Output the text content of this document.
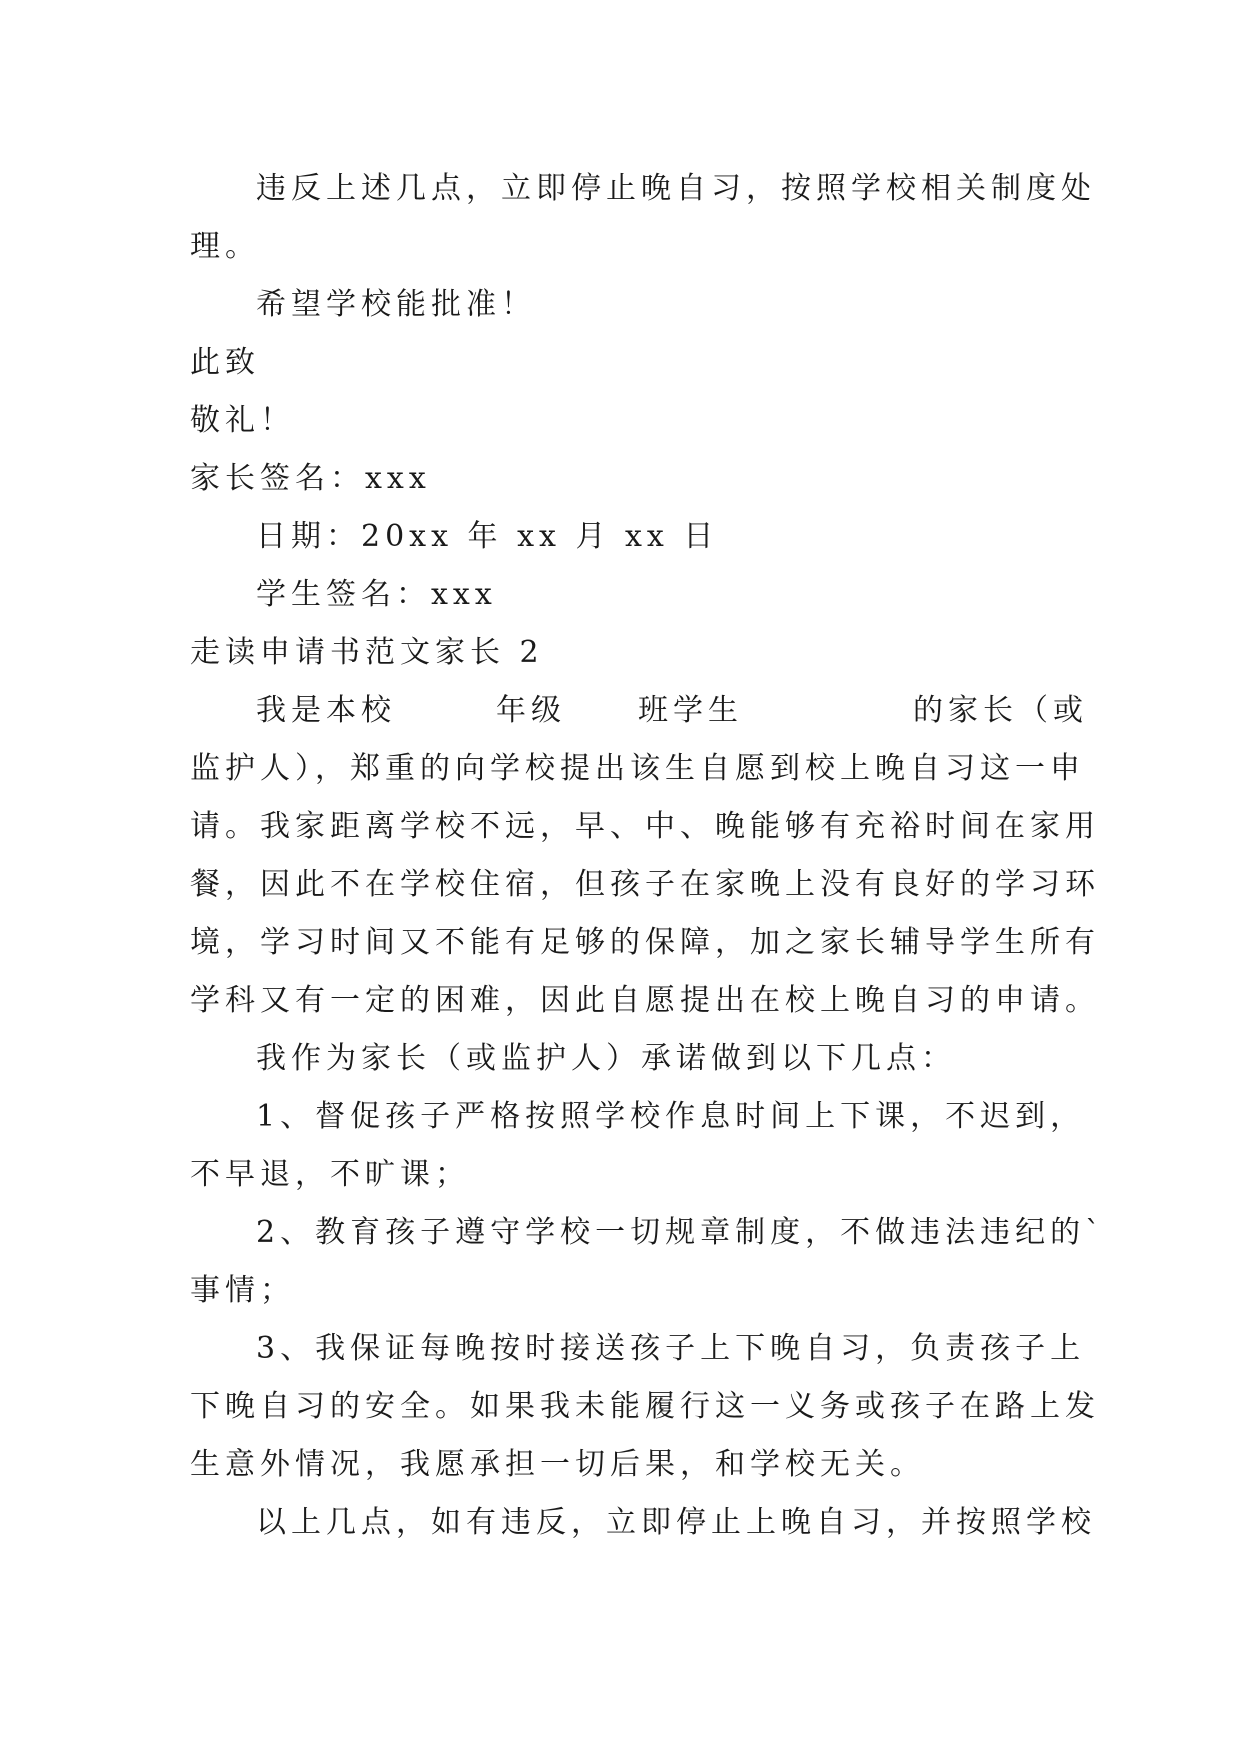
违反上述几点，立即停止晚自习，按照学校相关制度处

理。

希望学校能批准！

此致

敬礼！

家长签名：xxx

日期：20xx 年 xx 月 xx 日

学生签名：xxx

走读申请书范文家长 2

我是本校	年级 班学生	的家长（或

监护人），郑重的向学校提出该生自愿到校上晚自习这一申

请。我家距离学校不远，早、中、晚能够有充裕时间在家用

餐，因此不在学校住宿，但孩子在家晚上没有良好的学习环

境，学习时间又不能有足够的保障，加之家长辅导学生所有

学科又有一定的困难，因此自愿提出在校上晚自习的申请。

我作为家长（或监护人）承诺做到以下几点：

1、督促孩子严格按照学校作息时间上下课，不迟到，

不早退，不旷课；

2、教育孩子遵守学校一切规章制度，不做违法违纪的`

事情；

3、我保证每晚按时接送孩子上下晚自习，负责孩子上

下晚自习的安全。如果我未能履行这一义务或孩子在路上发

生意外情况，我愿承担一切后果，和学校无关。

以上几点，如有违反，立即停止上晚自习，并按照学校
